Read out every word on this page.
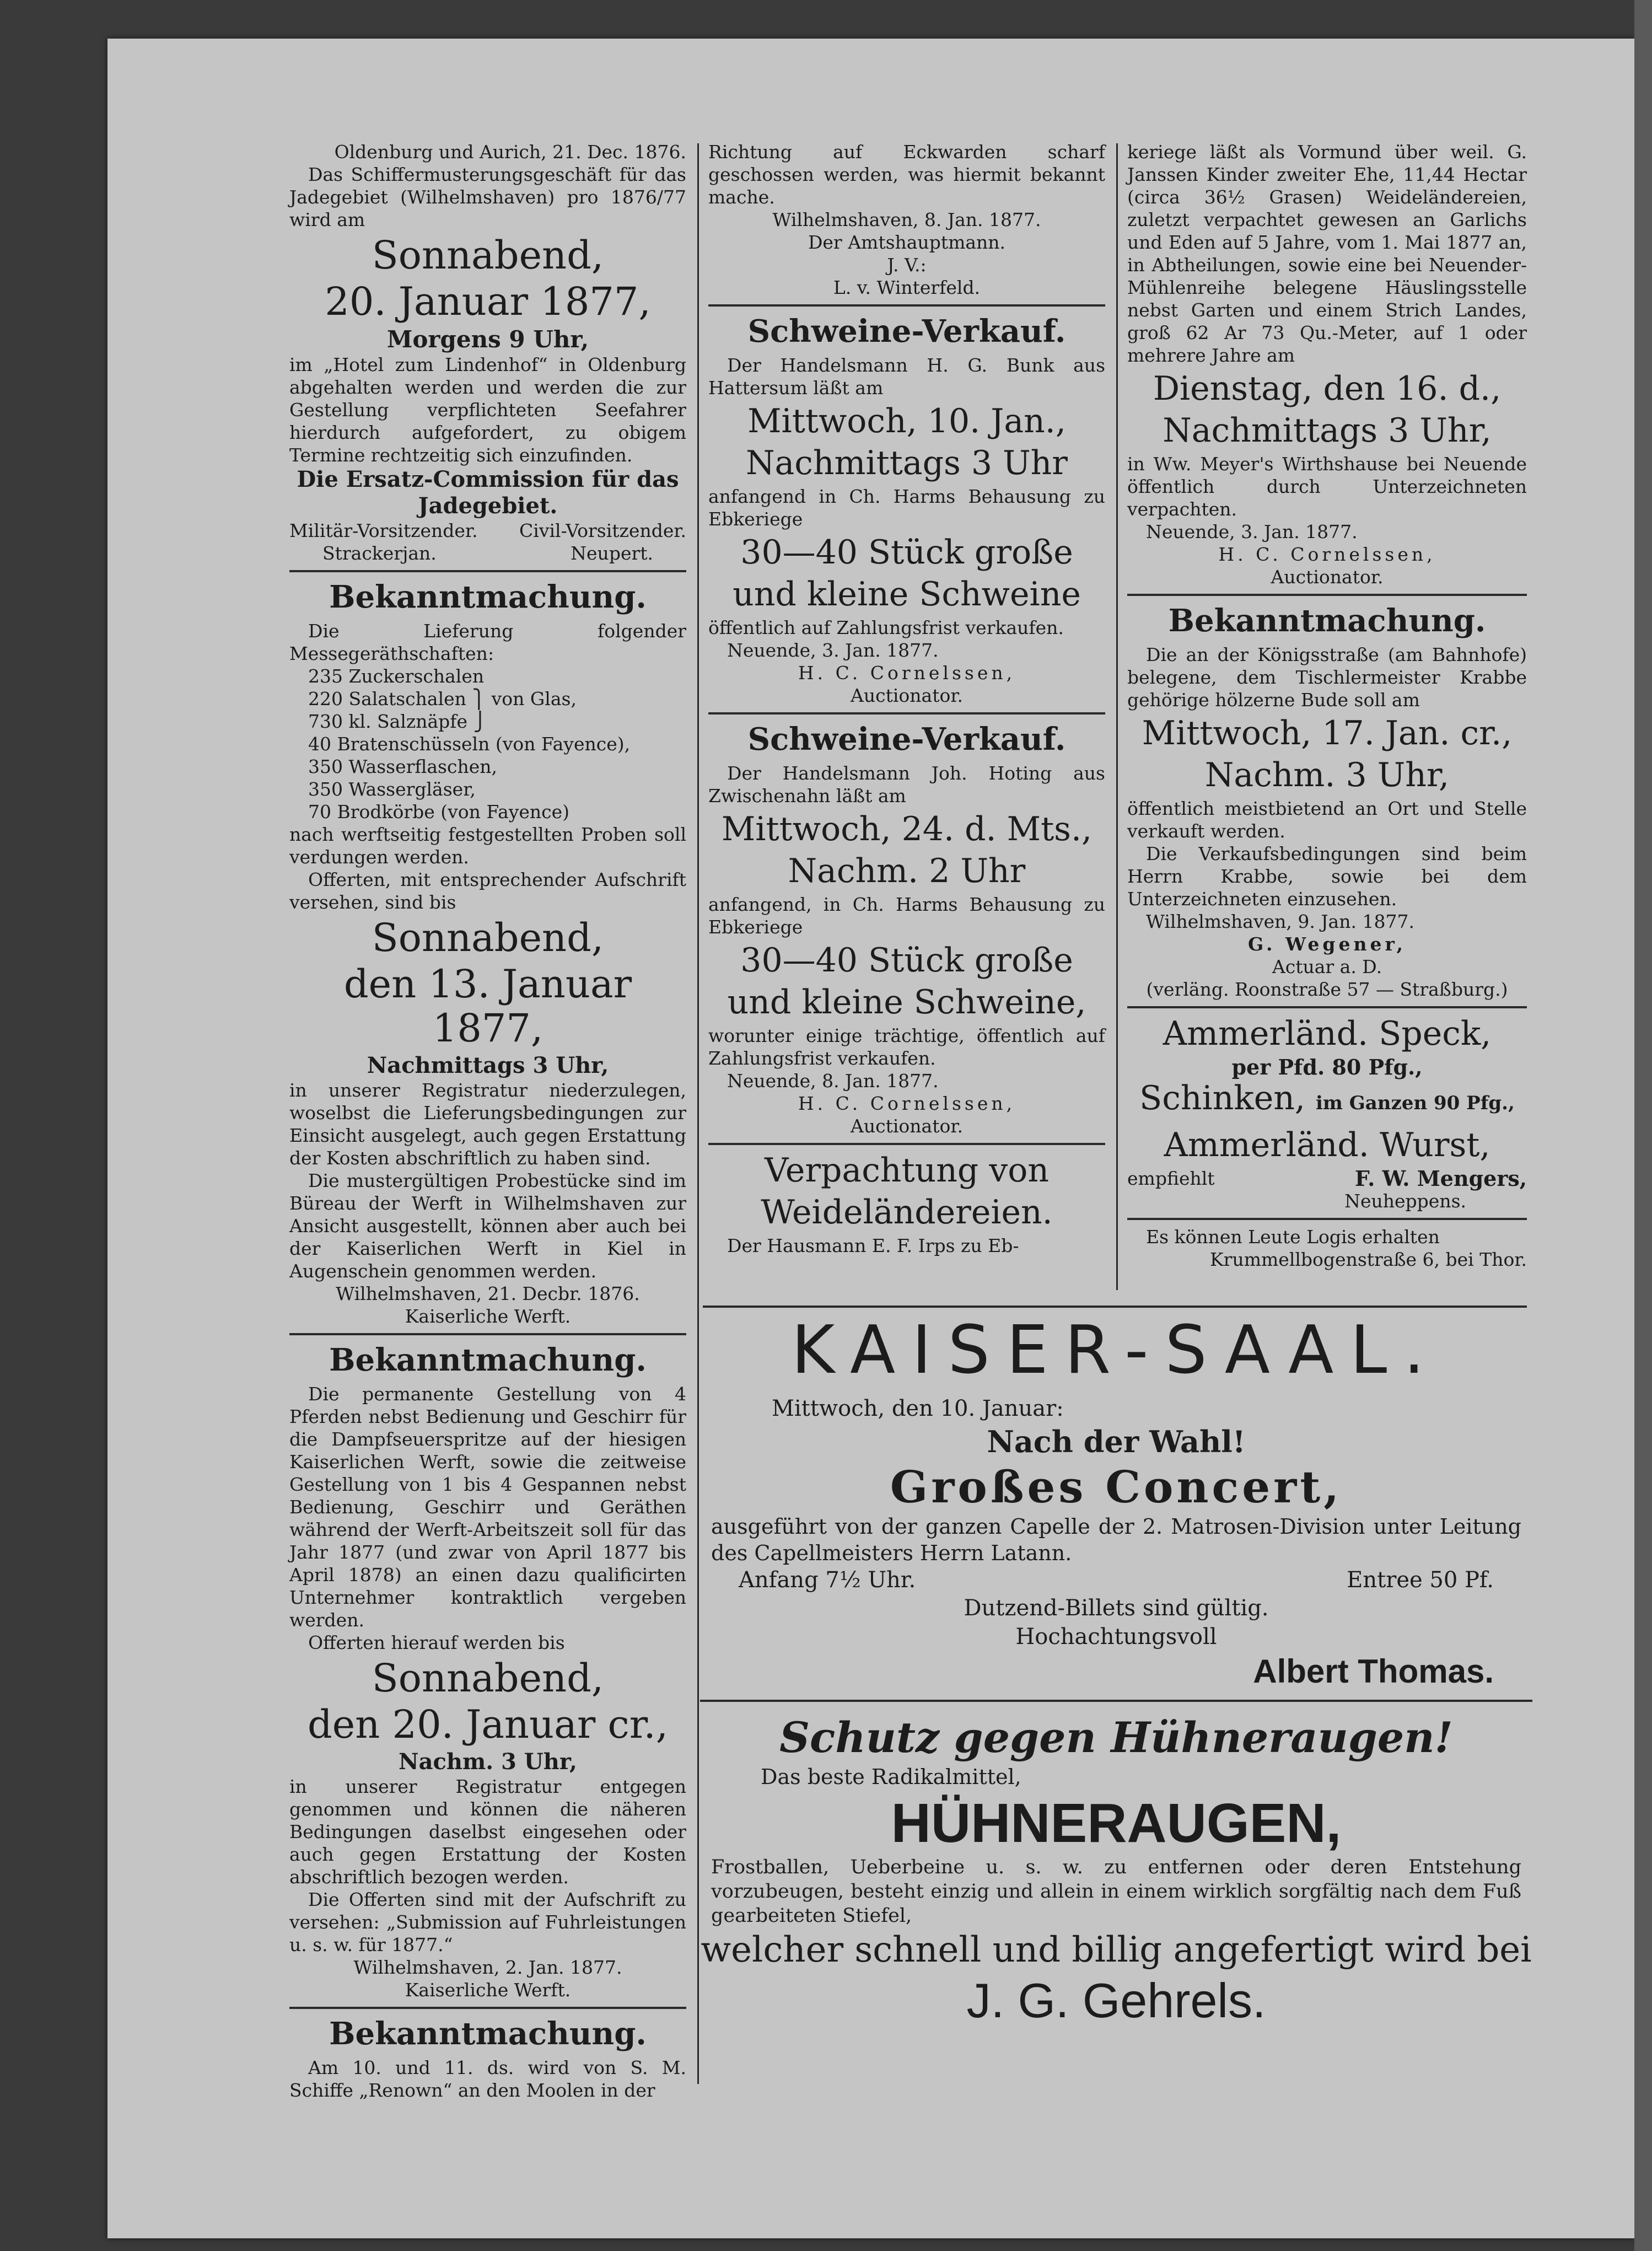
Oldenburg und Aurich, 21. Dec. 1876.

Das Schiffermusterungsgeschäft für das Jadegebiet (Wilhelmshaven) pro 1876/77 wird am

Sonnabend,

20. Januar 1877,

Morgens 9 Uhr,

im „Hotel zum Lindenhof“ in Oldenburg abgehalten werden und werden die zur Gestellung verpflichteten Seefahrer hierdurch aufgefordert, zu obigem Termine rechtzeitig sich einzufinden.

Die Ersatz-Commission für das Jadegebiet.

Militär-Vorsitzender. Civil-Vorsitzender.
Strackerjan.	Neupert.

Bekanntmachung.

Die Lieferung folgender Messegeräthschaften:

235 Zuckerschalen
220 Salatschalen ⎫ von Glas,
730 kl. Salznäpfe ⎭
40 Bratenschüsseln (von Fayence),
350 Wasserflaschen,
350 Wassergläser,
70 Brodkörbe (von Fayence)

nach werftseitig festgestellten Proben soll verdungen werden.

Offerten, mit entsprechender Aufschrift versehen, sind bis

Sonnabend,

den 13. Januar 1877,

Nachmittags 3 Uhr,

in unserer Registratur niederzulegen, woselbst die Lieferungsbedingungen zur Einsicht ausgelegt, auch gegen Erstattung der Kosten abschriftlich zu haben sind.

Die mustergültigen Probestücke sind im Büreau der Werft in Wilhelmshaven zur Ansicht ausgestellt, können aber auch bei der Kaiserlichen Werft in Kiel in Augenschein genommen werden.

Wilhelmshaven, 21. Decbr. 1876.

Kaiserliche Werft.

Bekanntmachung.

Die permanente Gestellung von 4 Pferden nebst Bedienung und Geschirr für die Dampfseuerspritze auf der hiesigen Kaiserlichen Werft, sowie die zeitweise Gestellung von 1 bis 4 Gespannen nebst Bedienung, Geschirr und Geräthen während der Werft-Arbeitszeit soll für das Jahr 1877 (und zwar von April 1877 bis April 1878) an einen dazu qualificirten Unternehmer kontraktlich vergeben werden.

Offerten hierauf werden bis

Sonnabend,

den 20. Januar cr.,

Nachm. 3 Uhr,

in unserer Registratur entgegen genommen und können die näheren Bedingungen daselbst eingesehen oder auch gegen Erstattung der Kosten abschriftlich bezogen werden.

Die Offerten sind mit der Aufschrift zu versehen: „Submission auf Fuhrleistungen u. s. w. für 1877.“

Wilhelmshaven, 2. Jan. 1877.

Kaiserliche Werft.

Bekanntmachung.

Am 10. und 11. ds. wird von S. M. Schiffe „Renown“ an den Moolen in der

Richtung auf Eckwarden scharf geschossen werden, was hiermit bekannt mache.

Wilhelmshaven, 8. Jan. 1877.

Der Amtshauptmann.

J. V.:

L. v. Winterfeld.

Schweine-Verkauf.

Der Handelsmann H. G. Bunk aus Hattersum läßt am

Mittwoch, 10. Jan.,

Nachmittags 3 Uhr

anfangend in Ch. Harms Behausung zu Ebkeriege

30—40 Stück große

und kleine Schweine

öffentlich auf Zahlungsfrist verkaufen.

Neuende, 3. Jan. 1877.

H. C. Cornelssen,

Auctionator.

Schweine-Verkauf.

Der Handelsmann Joh. Hoting aus Zwischenahn läßt am

Mittwoch, 24. d. Mts.,

Nachm. 2 Uhr

anfangend, in Ch. Harms Behausung zu Ebkeriege

30—40 Stück große

und kleine Schweine,

worunter einige trächtige, öffentlich auf Zahlungsfrist verkaufen.

Neuende, 8. Jan. 1877.

H. C. Cornelssen,

Auctionator.

Verpachtung von

Weideländereien.

Der Hausmann E. F. Irps zu Eb-

keriege läßt als Vormund über weil. G. Janssen Kinder zweiter Ehe, 11,44 Hectar (circa 36½ Grasen) Weideländereien, zuletzt verpachtet gewesen an Garlichs und Eden auf 5 Jahre, vom 1. Mai 1877 an, in Abtheilungen, sowie eine bei Neuender-Mühlenreihe belegene Häuslingsstelle nebst Garten und einem Strich Landes, groß 62 Ar 73 Qu.-Meter, auf 1 oder mehrere Jahre am

Dienstag, den 16. d.,

Nachmittags 3 Uhr,

in Ww. Meyer's Wirthshause bei Neuende öffentlich durch Unterzeichneten verpachten.

Neuende, 3. Jan. 1877.

H. C. Cornelssen,

Auctionator.

Bekanntmachung.

Die an der Königsstraße (am Bahnhofe) belegene, dem Tischlermeister Krabbe gehörige hölzerne Bude soll am

Mittwoch, 17. Jan. cr.,

Nachm. 3 Uhr,

öffentlich meistbietend an Ort und Stelle verkauft werden.

Die Verkaufsbedingungen sind beim Herrn Krabbe, sowie bei dem Unterzeichneten einzusehen.

Wilhelmshaven, 9. Jan. 1877.

G. Wegener,

Actuar a. D.

(verläng. Roonstraße 57 — Straßburg.)

Ammerländ. Speck,

per Pfd. 80 Pfg.,

Schinken, im Ganzen 90 Pfg.,

Ammerländ. Wurst,

empfiehlt	F. W. Mengers,

Neuheppens.

Es können Leute Logis erhalten

Krummellbogenstraße 6, bei Thor.

KAISER-SAAL.

Mittwoch, den 10. Januar:

Nach der Wahl!

Großes Concert,

ausgeführt von der ganzen Capelle der 2. Matrosen-Division unter Leitung des Capellmeisters Herrn Latann.

Anfang 7½ Uhr.	Entree 50 Pf.

Dutzend-Billets sind gültig.

Hochachtungsvoll

Albert Thomas.

Schutz gegen Hühneraugen!

Das beste Radikalmittel,

HÜHNERAUGEN,

Frostballen, Ueberbeine u. s. w. zu entfernen oder deren Entstehung vorzubeugen, besteht einzig und allein in einem wirklich sorgfältig nach dem Fuß gearbeiteten Stiefel,

welcher schnell und billig angefertigt wird bei

J. G. Gehrels.
